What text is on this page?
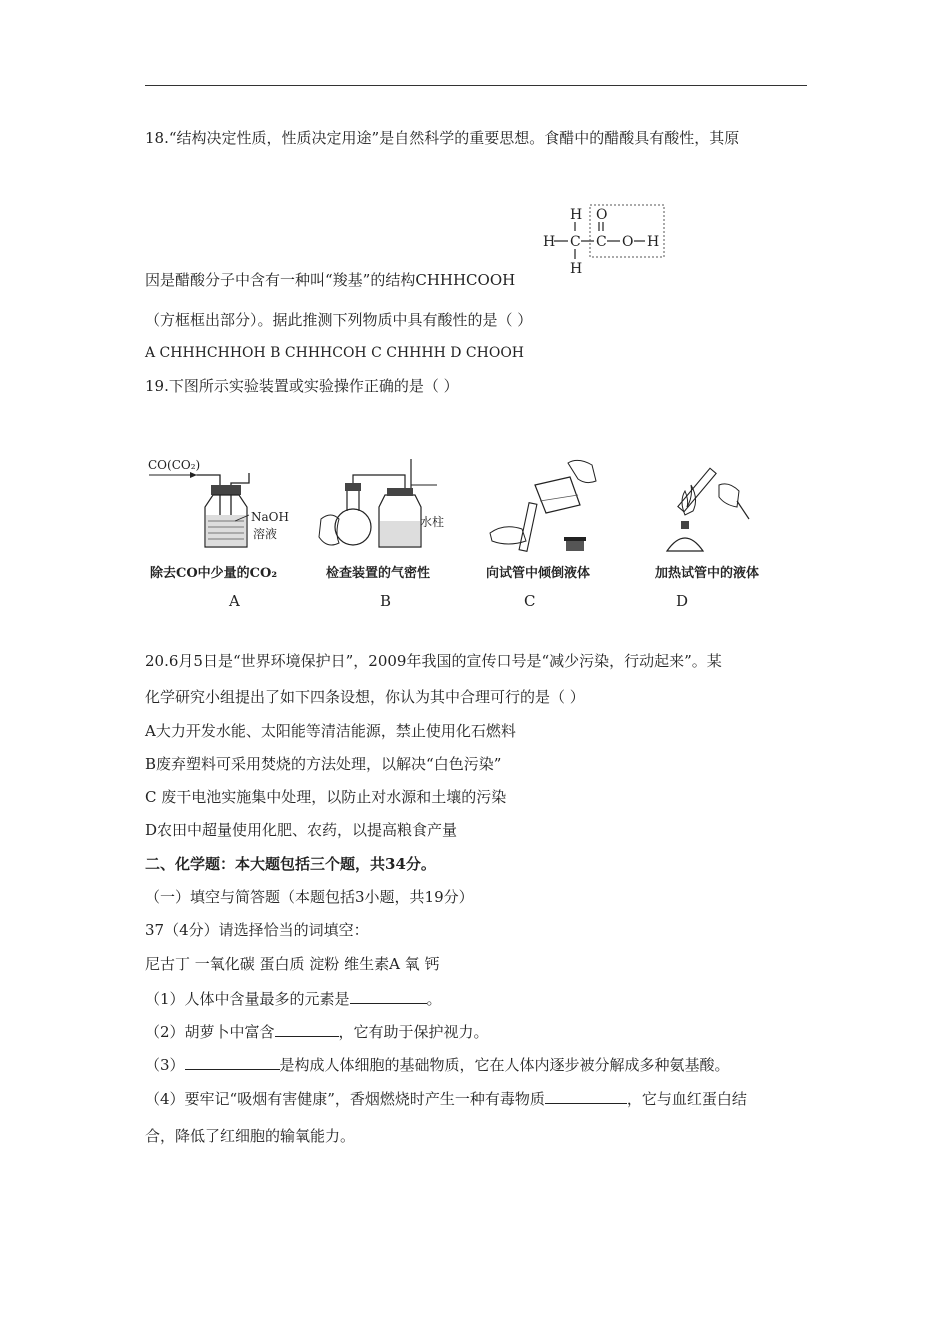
18.“结构决定性质，性质决定用途”是自然科学的重要思想。食醋中的醋酸具有酸性，其原
H O
H C C O H
H
因是醋酸分子中含有一种叫“羧基”的结构CHHHCOOH
（方框框出部分）。据此推测下列物质中具有酸性的是（ ）
A CHHHCHHOH B CHHHCOH C CHHHH D CHOOH
19.下图所示实验装置或实验操作正确的是（ ）
CO(CO₂)
NaOH
溶液
除去CO中少量的CO₂
A
水柱
检查装置的气密性
B
向试管中倾倒液体
C
加热试管中的液体
D
20.6月5日是“世界环境保护日”，2009年我国的宣传口号是“减少污染，行动起来”。某
化学研究小组提出了如下四条设想，你认为其中合理可行的是（ ）
A大力开发水能、太阳能等清洁能源，禁止使用化石燃料
B废弃塑料可采用焚烧的方法处理，以解决“白色污染”
C 废干电池实施集中处理，以防止对水源和土壤的污染
D农田中超量使用化肥、农药，以提高粮食产量
二、化学题：本大题包括三个题，共34分。
（一）填空与简答题（本题包括3小题，共19分）
37（4分）请选择恰当的词填空：
尼古丁 一氧化碳 蛋白质 淀粉 维生素A 氧 钙
（1）人体中含量最多的元素是	。
（2）胡萝卜中富含	，它有助于保护视力。
（3）	是构成人体细胞的基础物质，它在人体内逐步被分解成多种氨基酸。
（4）要牢记“吸烟有害健康”，香烟燃烧时产生一种有毒物质	，它与血红蛋白结
合，降低了红细胞的输氧能力。
